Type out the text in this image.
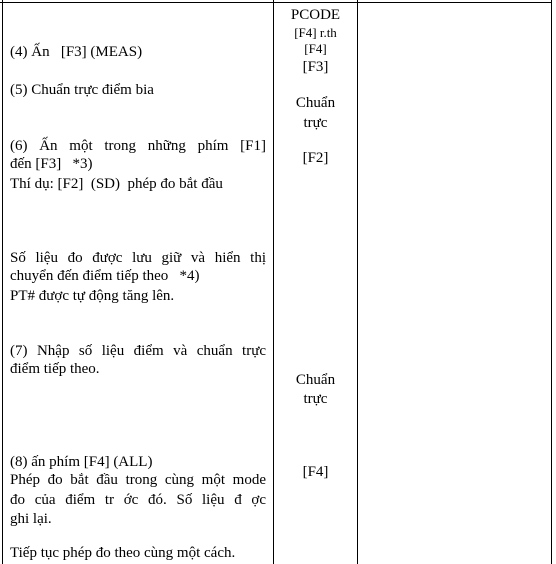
(4) Ấn   [F3] (MEAS)
(5) Chuẩn trực điểm bia
(6) Ấn một trong những phím [F1]
đến [F3]   *3)
Thí dụ: [F2]  (SD)  phép đo bắt đầu
Số liệu đo được lưu giữ và hiển thị
chuyển đến điểm tiếp theo   *4)
PT# được tự động tăng lên.
(7) Nhập số liệu điểm và chuẩn trực
điểm tiếp theo.
(8) ấn phím [F4] (ALL)
Phép đo bắt đầu trong cùng một mode
đo của điểm tr ớc đó. Số liệu đ ợc
ghi lại.
Tiếp tục phép đo theo cùng một cách.
PCODE
[F4] r.th
[F4]
[F3]
Chuẩn
trực
[F2]
Chuẩn
trực
[F4]
